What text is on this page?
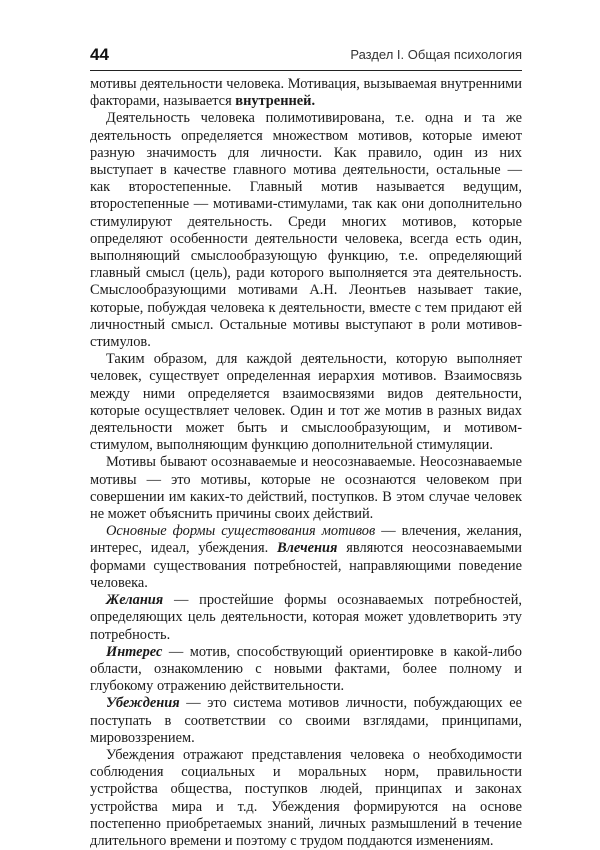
44	Раздел I. Общая психология

мотивы деятельности человека. Мотивация, вызываемая внутренними факторами, называется внутренней.

Деятельность человека полимотивирована, т.е. одна и та же деятельность определяется множеством мотивов, которые имеют разную значимость для личности. Как правило, один из них выступает в качестве главного мотива деятельности, остальные — как второстепенные. Главный мотив называется ведущим, второстепенные — мотивами-стимулами, так как они дополнительно стимулируют деятельность. Среди многих мотивов, которые определяют особенности деятельности человека, всегда есть один, выполняющий смыслообразующую функцию, т.е. определяющий главный смысл (цель), ради которого выполняется эта деятельность. Смыслообразующими мотивами А.Н. Леонтьев называет такие, которые, побуждая человека к деятельности, вместе с тем придают ей личностный смысл. Остальные мотивы выступают в роли мотивов-стимулов.

Таким образом, для каждой деятельности, которую выполняет человек, существует определенная иерархия мотивов. Взаимосвязь между ними определяется взаимосвязями видов деятельности, которые осуществляет человек. Один и тот же мотив в разных видах деятельности может быть и смыслообразующим, и мотивом-стимулом, выполняющим функцию дополнительной стимуляции.

Мотивы бывают осознаваемые и неосознаваемые. Неосознаваемые мотивы — это мотивы, которые не осознаются человеком при совершении им каких-то действий, поступков. В этом случае человек не может объяснить причины своих действий.

Основные формы существования мотивов — влечения, желания, интерес, идеал, убеждения. Влечения являются неосознаваемыми формами существования потребностей, направляющими поведение человека.

Желания — простейшие формы осознаваемых потребностей, определяющих цель деятельности, которая может удовлетворить эту потребность.

Интерес — мотив, способствующий ориентировке в какой-либо области, ознакомлению с новыми фактами, более полному и глубокому отражению действительности.

Убеждения — это система мотивов личности, побуждающих ее поступать в соответствии со своими взглядами, принципами, мировоззрением.

Убеждения отражают представления человека о необходимости соблюдения социальных и моральных норм, правильности устройства общества, поступков людей, принципах и законах устройства мира и т.д. Убеждения формируются на основе постепенно приобретаемых знаний, личных размышлений в течение длительного времени и поэтому с трудом поддаются изменениям.
